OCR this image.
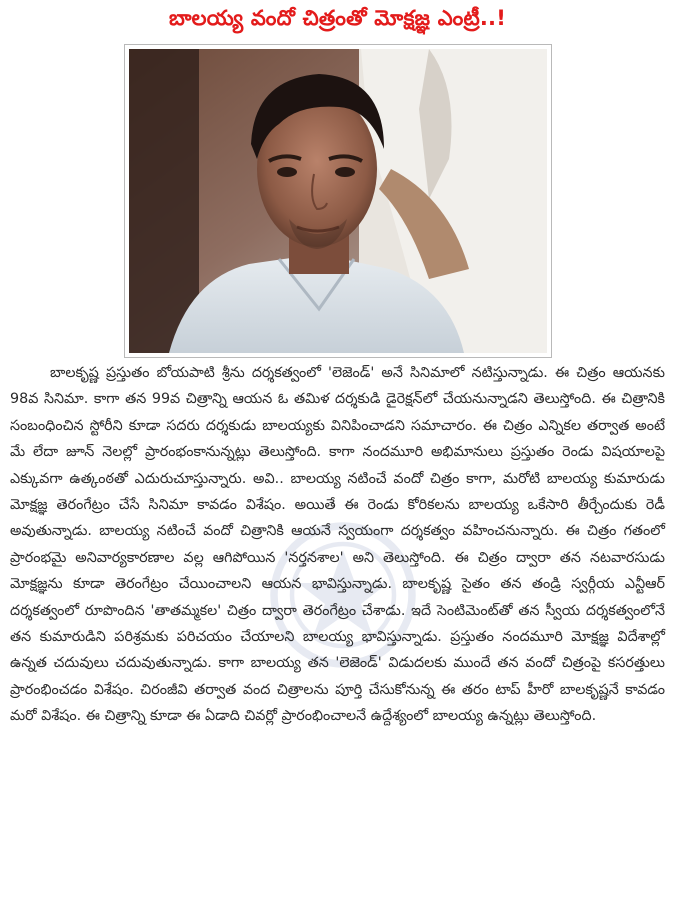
బాలయ్య వందో చిత్రంతో మోక్షజ్ఞ ఎంట్రీ..!

బాలకృష్ణ ప్రస్తుతం బోయపాటి శ్రీను దర్శకత్వంలో 'లెజెండ్' అనే సినిమాలో నటిస్తున్నాడు. ఈ చిత్రం ఆయనకు 98వ సినిమా. కాగా తన 99వ చిత్రాన్ని ఆయన ఓ తమిళ దర్శకుడి డైరెక్షన్‌లో చేయనున్నాడని తెలుస్తోంది. ఈ చిత్రానికి సంబంధించిన స్టోరీని కూడా సదరు దర్శకుడు బాలయ్యకు వినిపించాడని సమాచారం. ఈ చిత్రం ఎన్నికల తర్వాత అంటే మే లేదా జూన్ నెలల్లో ప్రారంభంకానున్నట్లు తెలుస్తోంది. కాగా నందమూరి అభిమానులు ప్రస్తుతం రెండు విషయాలపై ఎక్కువగా ఉత్కంఠతో ఎదురుచూస్తున్నారు. అవి.. బాలయ్య నటించే వందో చిత్రం కాగా, మరోటి బాలయ్య కుమారుడు మోక్షజ్ఞ తెరంగేట్రం చేసే సినిమా కావడం విశేషం. అయితే ఈ రెండు కోరికలను బాలయ్య ఒకేసారి తీర్చేందుకు రెడీ అవుతున్నాడు. బాలయ్య నటించే వందో చిత్రానికి ఆయనే స్వయంగా దర్శకత్వం వహించనున్నారు. ఈ చిత్రం గతంలో ప్రారంభమై అనివార్యకారణాల వల్ల ఆగిపోయిన 'నర్తనశాల' అని తెలుస్తోంది. ఈ చిత్రం ద్వారా తన నటవారసుడు మోక్షజ్ఞను కూడా తెరంగేట్రం చేయించాలని ఆయన భావిస్తున్నాడు. బాలకృష్ణ సైతం తన తండ్రి స్వర్గీయ ఎన్టీఆర్ దర్శకత్వంలో రూపొందిన 'తాతమ్మకల' చిత్రం ద్వారా తెరంగేట్రం చేశాడు. ఇదే సెంటిమెంట్‌తో తన స్వీయ దర్శకత్వంలోనే తన కుమారుడిని పరిశ్రమకు పరిచయం చేయాలని బాలయ్య భావిస్తున్నాడు. ప్రస్తుతం నందమూరి మోక్షజ్ఞ విదేశాల్లో ఉన్నత చదువులు చదువుతున్నాడు. కాగా బాలయ్య తన 'లెజెండ్' విడుదలకు ముందే తన వందో చిత్రంపై కసరత్తులు ప్రారంభించడం విశేషం. చిరంజీవి తర్వాత వంద చిత్రాలను పూర్తి చేసుకోనున్న ఈ తరం టాప్ హీరో బాలకృష్ణనే కావడం మరో విశేషం. ఈ చిత్రాన్ని కూడా ఈ ఏడాది చివర్లో ప్రారంభించాలనే ఉద్దేశ్యంలో బాలయ్య ఉన్నట్లు తెలుస్తోంది.
